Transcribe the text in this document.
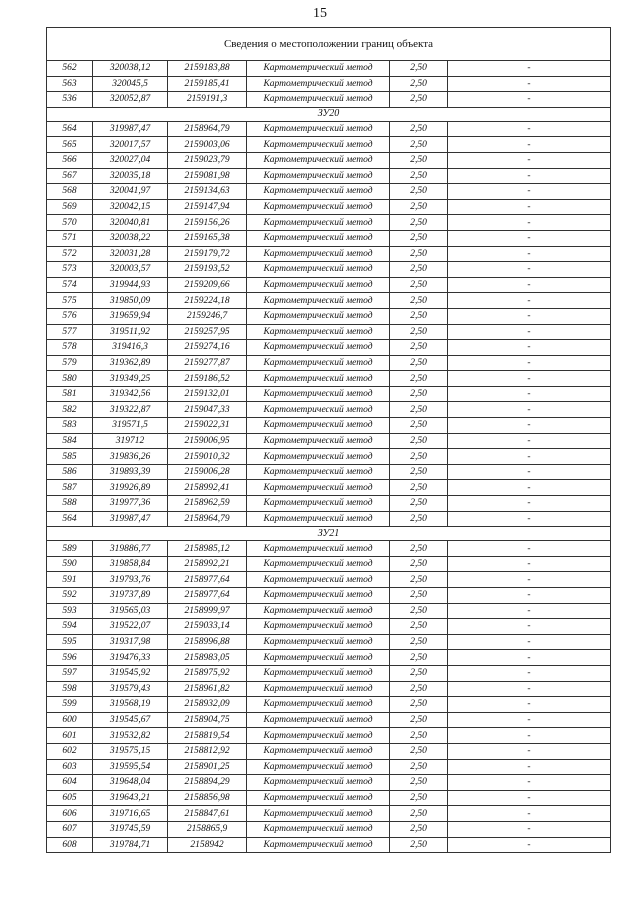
15
Сведения о местоположении границ объекта					
562	320038,12	2159183,88	Картометрический метод	2,50	-
563	320045,5	2159185,41	Картометрический метод	2,50	-
536	320052,87	2159191,3	Картометрический метод	2,50	-
ЗУ20					
564	319987,47	2158964,79	Картометрический метод	2,50	-
565	320017,57	2159003,06	Картометрический метод	2,50	-
566	320027,04	2159023,79	Картометрический метод	2,50	-
567	320035,18	2159081,98	Картометрический метод	2,50	-
568	320041,97	2159134,63	Картометрический метод	2,50	-
569	320042,15	2159147,94	Картометрический метод	2,50	-
570	320040,81	2159156,26	Картометрический метод	2,50	-
571	320038,22	2159165,38	Картометрический метод	2,50	-
572	320031,28	2159179,72	Картометрический метод	2,50	-
573	320003,57	2159193,52	Картометрический метод	2,50	-
574	319944,93	2159209,66	Картометрический метод	2,50	-
575	319850,09	2159224,18	Картометрический метод	2,50	-
576	319659,94	2159246,7	Картометрический метод	2,50	-
577	319511,92	2159257,95	Картометрический метод	2,50	-
578	319416,3	2159274,16	Картометрический метод	2,50	-
579	319362,89	2159277,87	Картометрический метод	2,50	-
580	319349,25	2159186,52	Картометрический метод	2,50	-
581	319342,56	2159132,01	Картометрический метод	2,50	-
582	319322,87	2159047,33	Картометрический метод	2,50	-
583	319571,5	2159022,31	Картометрический метод	2,50	-
584	319712	2159006,95	Картометрический метод	2,50	-
585	319836,26	2159010,32	Картометрический метод	2,50	-
586	319893,39	2159006,28	Картометрический метод	2,50	-
587	319926,89	2158992,41	Картометрический метод	2,50	-
588	319977,36	2158962,59	Картометрический метод	2,50	-
564	319987,47	2158964,79	Картометрический метод	2,50	-
ЗУ21					
589	319886,77	2158985,12	Картометрический метод	2,50	-
590	319858,84	2158992,21	Картометрический метод	2,50	-
591	319793,76	2158977,64	Картометрический метод	2,50	-
592	319737,89	2158977,64	Картометрический метод	2,50	-
593	319565,03	2158999,97	Картометрический метод	2,50	-
594	319522,07	2159033,14	Картометрический метод	2,50	-
595	319317,98	2158996,88	Картометрический метод	2,50	-
596	319476,33	2158983,05	Картометрический метод	2,50	-
597	319545,92	2158975,92	Картометрический метод	2,50	-
598	319579,43	2158961,82	Картометрический метод	2,50	-
599	319568,19	2158932,09	Картометрический метод	2,50	-
600	319545,67	2158904,75	Картометрический метод	2,50	-
601	319532,82	2158819,54	Картометрический метод	2,50	-
602	319575,15	2158812,92	Картометрический метод	2,50	-
603	319595,54	2158901,25	Картометрический метод	2,50	-
604	319648,04	2158894,29	Картометрический метод	2,50	-
605	319643,21	2158856,98	Картометрический метод	2,50	-
606	319716,65	2158847,61	Картометрический метод	2,50	-
607	319745,59	2158865,9	Картометрический метод	2,50	-
608	319784,71	2158942	Картометрический метод	2,50	-
